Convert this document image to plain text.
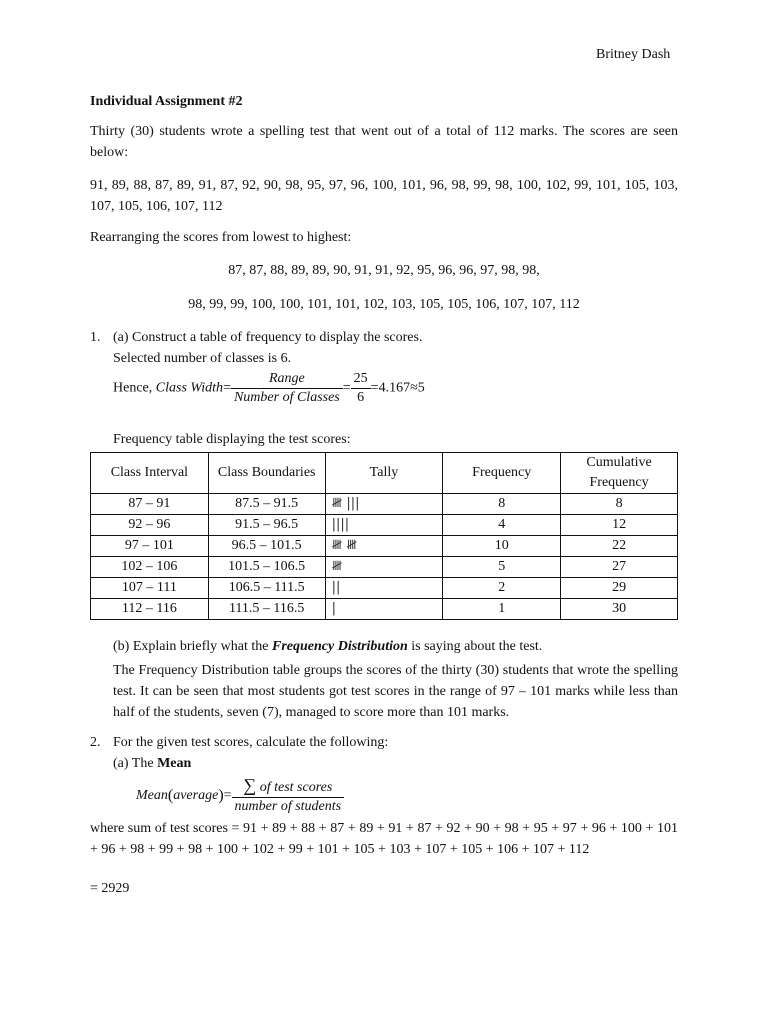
Britney Dash
Individual Assignment #2
Thirty (30) students wrote a spelling test that went out of a total of 112 marks. The scores are seen below:
91, 89, 88, 87, 89, 91, 87, 92, 90, 98, 95, 97, 96, 100, 101, 96, 98, 99, 98, 100, 102, 99, 101, 105, 103, 107, 105, 106, 107, 112
Rearranging the scores from lowest to highest:
87, 87, 88, 89, 89, 90, 91, 91, 92, 95, 96, 96, 97, 98, 98,
98, 99, 99, 100, 100, 101, 101, 102, 103, 105, 105, 106, 107, 107, 112
1. (a) Construct a table of frequency to display the scores.
Selected number of classes is 6.
Hence, Class Width= $\frac{\text{Range}}{\text{Number of Classes}} = \frac{25}{6} =4.167\approx 5$
Frequency table displaying the test scores:
Class Interval	Class Boundaries	Tally	Frequency	Cumulative Frequency
87 – 91	87.5 – 91.5	𝍸 |||	8	8
92 – 96	91.5 – 96.5	||||	4	12
97 – 101	96.5 – 101.5	𝍸 𝍸	10	22
102 – 106	101.5 – 106.5	𝍸	5	27
107 – 111	106.5 – 111.5	||	2	29
112 – 116	111.5 – 116.5	|	1	30
(b) Explain briefly what the Frequency Distribution is saying about the test.
The Frequency Distribution table groups the scores of the thirty (30) students that wrote the spelling test. It can be seen that most students got test scores in the range of 97 – 101 marks while less than half of the students, seven (7), managed to score more than 101 marks.
2. For the given test scores, calculate the following:
(a) The Mean
Mean(average)= $\frac{\text{∑ of test scores}}{\text{number of students}}$
where sum of test scores = 91 + 89 + 88 + 87 + 89 + 91 + 87 + 92 + 90 + 98 + 95 + 97 + 96 + 100 + 101 + 96 + 98 + 99 + 98 + 100 + 102 + 99 + 101 + 105 + 103 + 107 + 105 + 106 + 107 + 112
= 2929
